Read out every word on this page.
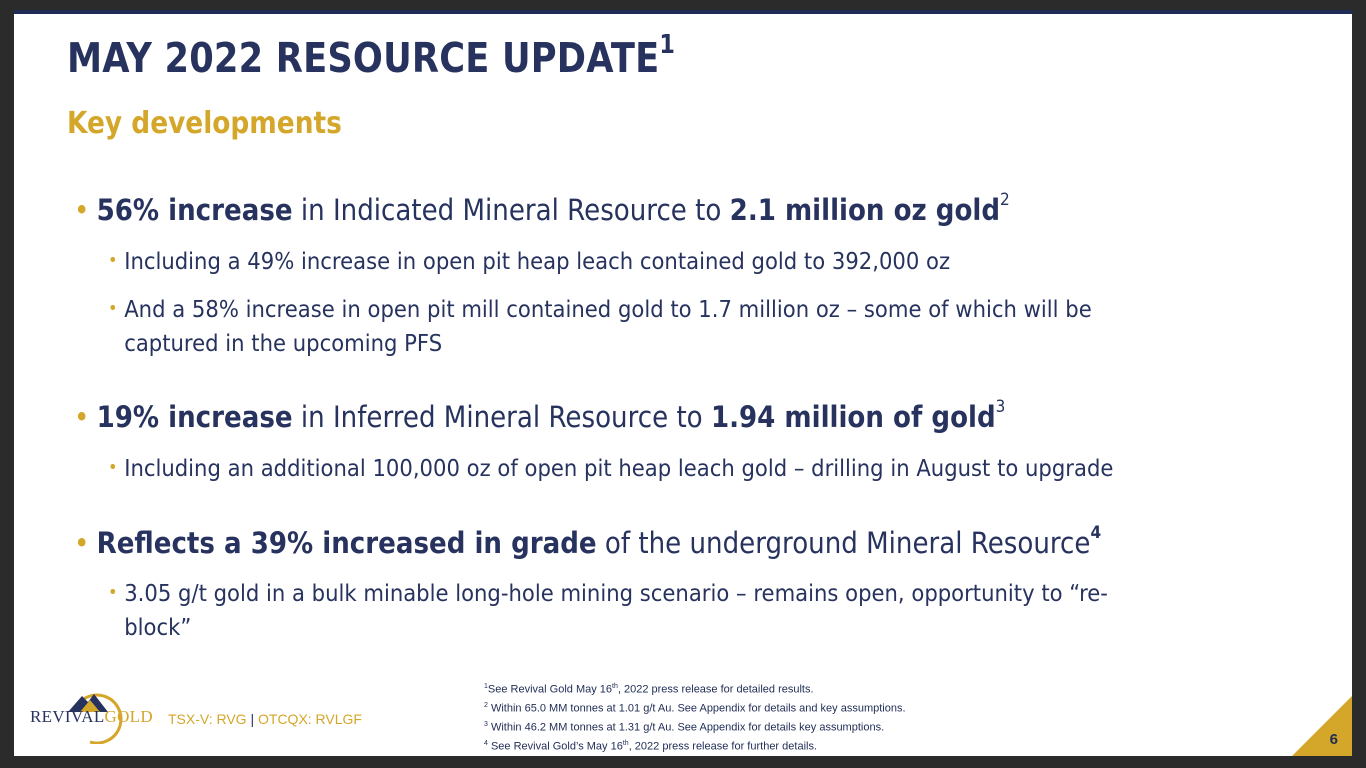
MAY 2022 RESOURCE UPDATE$^1$
Key developments
• 56% increase in Indicated Mineral Resource to 2.1 million oz gold$^2$
• Including a 49% increase in open pit heap leach contained gold to 392,000 oz
• And a 58% increase in open pit mill contained gold to 1.7 million oz – some of which will be captured in the upcoming PFS
• 19% increase in Inferred Mineral Resource to 1.94 million of gold$^3$
• Including an additional 100,000 oz of open pit heap leach gold – drilling in August to upgrade
• Reflects a 39% increased in grade of the underground Mineral Resource$^4$
• 3.05 g/t gold in a bulk minable long-hole mining scenario – remains open, opportunity to “re-block”
REVIVALGOLD TSX-V: RVG | OTCQX: RVLGF
$^1$See Revival Gold May 16th, 2022 press release for detailed results.
$^2$ Within 65.0 MM tonnes at 1.01 g/t Au. See Appendix for details and key assumptions.
$^3$ Within 46.2 MM tonnes at 1.31 g/t Au. See Appendix for details key assumptions.
$^4$ See Revival Gold’s May 16th, 2022 press release for further details.	6
